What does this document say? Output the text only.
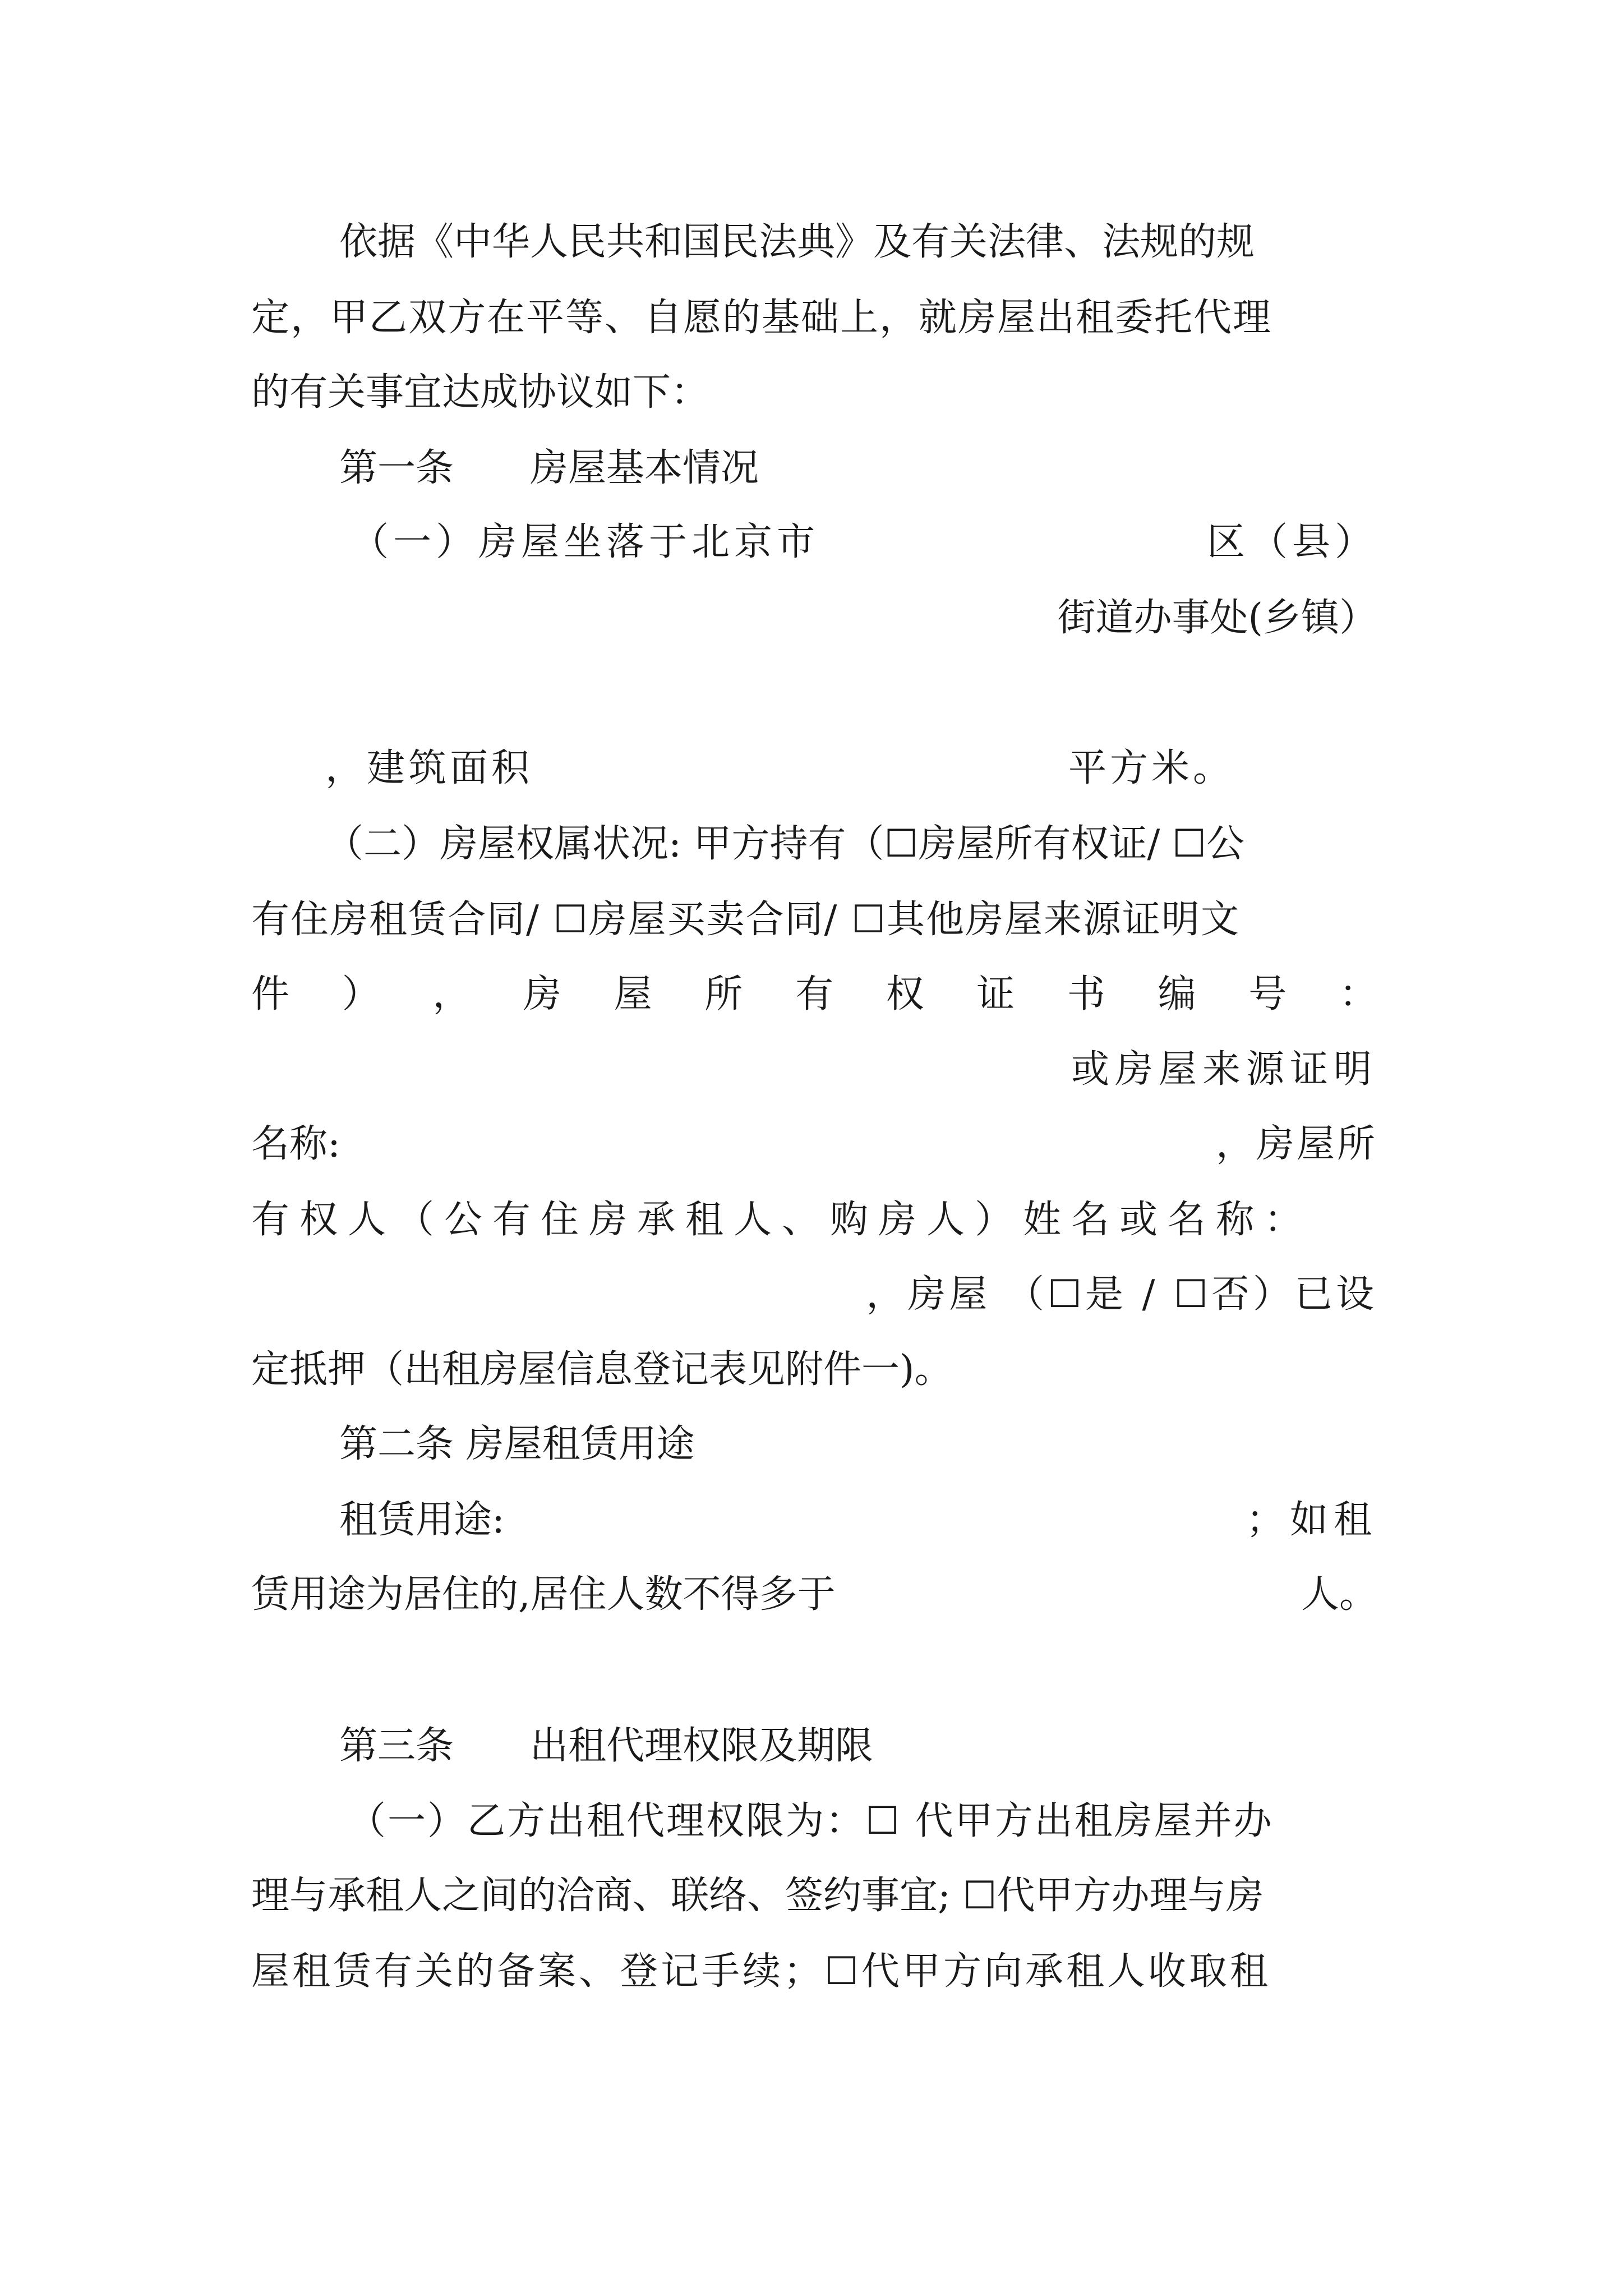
依据《中华人民共和国民法典》及有关法律、法规的规
定，甲乙双方在平等、自愿的基础上，就房屋出租委托代理
的有关事宜达成协议如下：
第一条　　房屋基本情况
（一）房屋坐落于北京市	区（县）
街道办事处(乡镇）
，建筑面积	平方米。
（二）房屋权属状况: 甲方持有（☐房屋所有权证/ ☐公
有住房租赁合同/ ☐房屋买卖合同/ ☐其他房屋来源证明文
件 ） ， 房 屋 所 有 权 证 书 编 号 ：
或房屋来源证明
名称:	，房屋所
有权人（公有住房承租人、购房人）姓名或名称：
，房屋 （☐是 / ☐否）已设
定抵押（出租房屋信息登记表见附件一)。
第二条 房屋租赁用途
租赁用途:	；如租
赁用途为居住的,居住人数不得多于	人。
第三条　　出租代理权限及期限
（一）乙方出租代理权限为：☐ 代甲方出租房屋并办
理与承租人之间的洽商、联络、签约事宜; ☐代甲方办理与房
屋租赁有关的备案、登记手续；☐代甲方向承租人收取租
